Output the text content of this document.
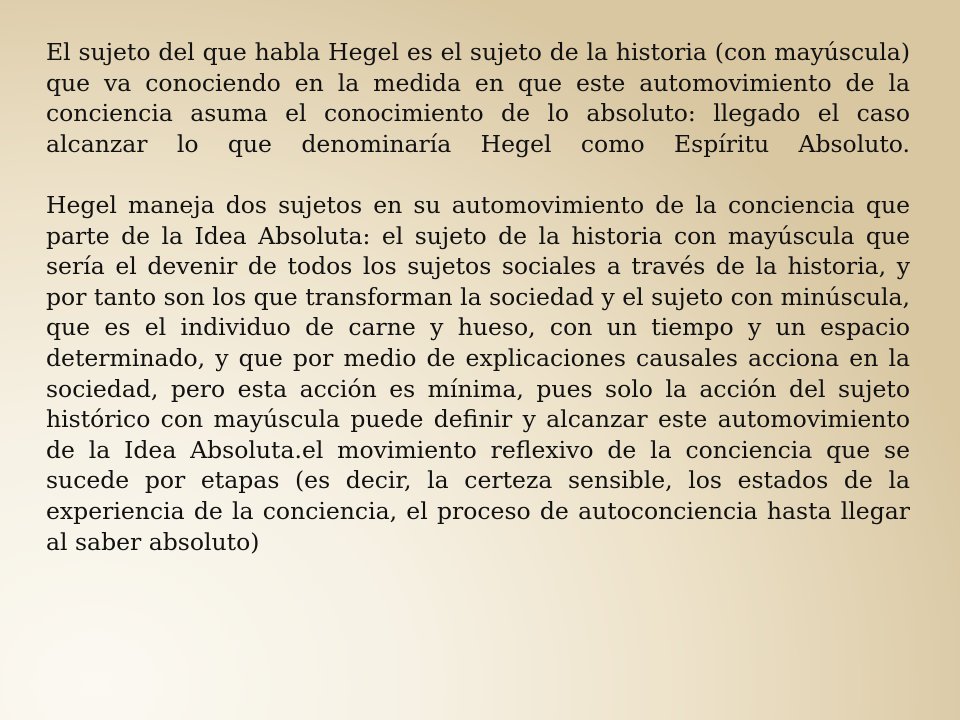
El sujeto del que habla Hegel es el sujeto de la historia (con mayúscula) que va conociendo en la medida en que este automovimiento de la conciencia asuma el conocimiento de lo absoluto: llegado el caso alcanzar lo que denominaría Hegel como Espíritu Absoluto.

Hegel maneja dos sujetos en su automovimiento de la conciencia que parte de la Idea Absoluta: el sujeto de la historia con mayúscula que sería el devenir de todos los sujetos sociales a través de la historia, y por tanto son los que transforman la sociedad y el sujeto con minúscula, que es el individuo de carne y hueso, con un tiempo y un espacio determinado, y que por medio de explicaciones causales acciona en la sociedad, pero esta acción es mínima, pues solo la acción del sujeto histórico con mayúscula puede definir y alcanzar este automovimiento de la Idea Absoluta.el movimiento reflexivo de la conciencia que se sucede por etapas (es decir, la certeza sensible, los estados de la experiencia de la conciencia, el proceso de autoconciencia hasta llegar al saber absoluto)
